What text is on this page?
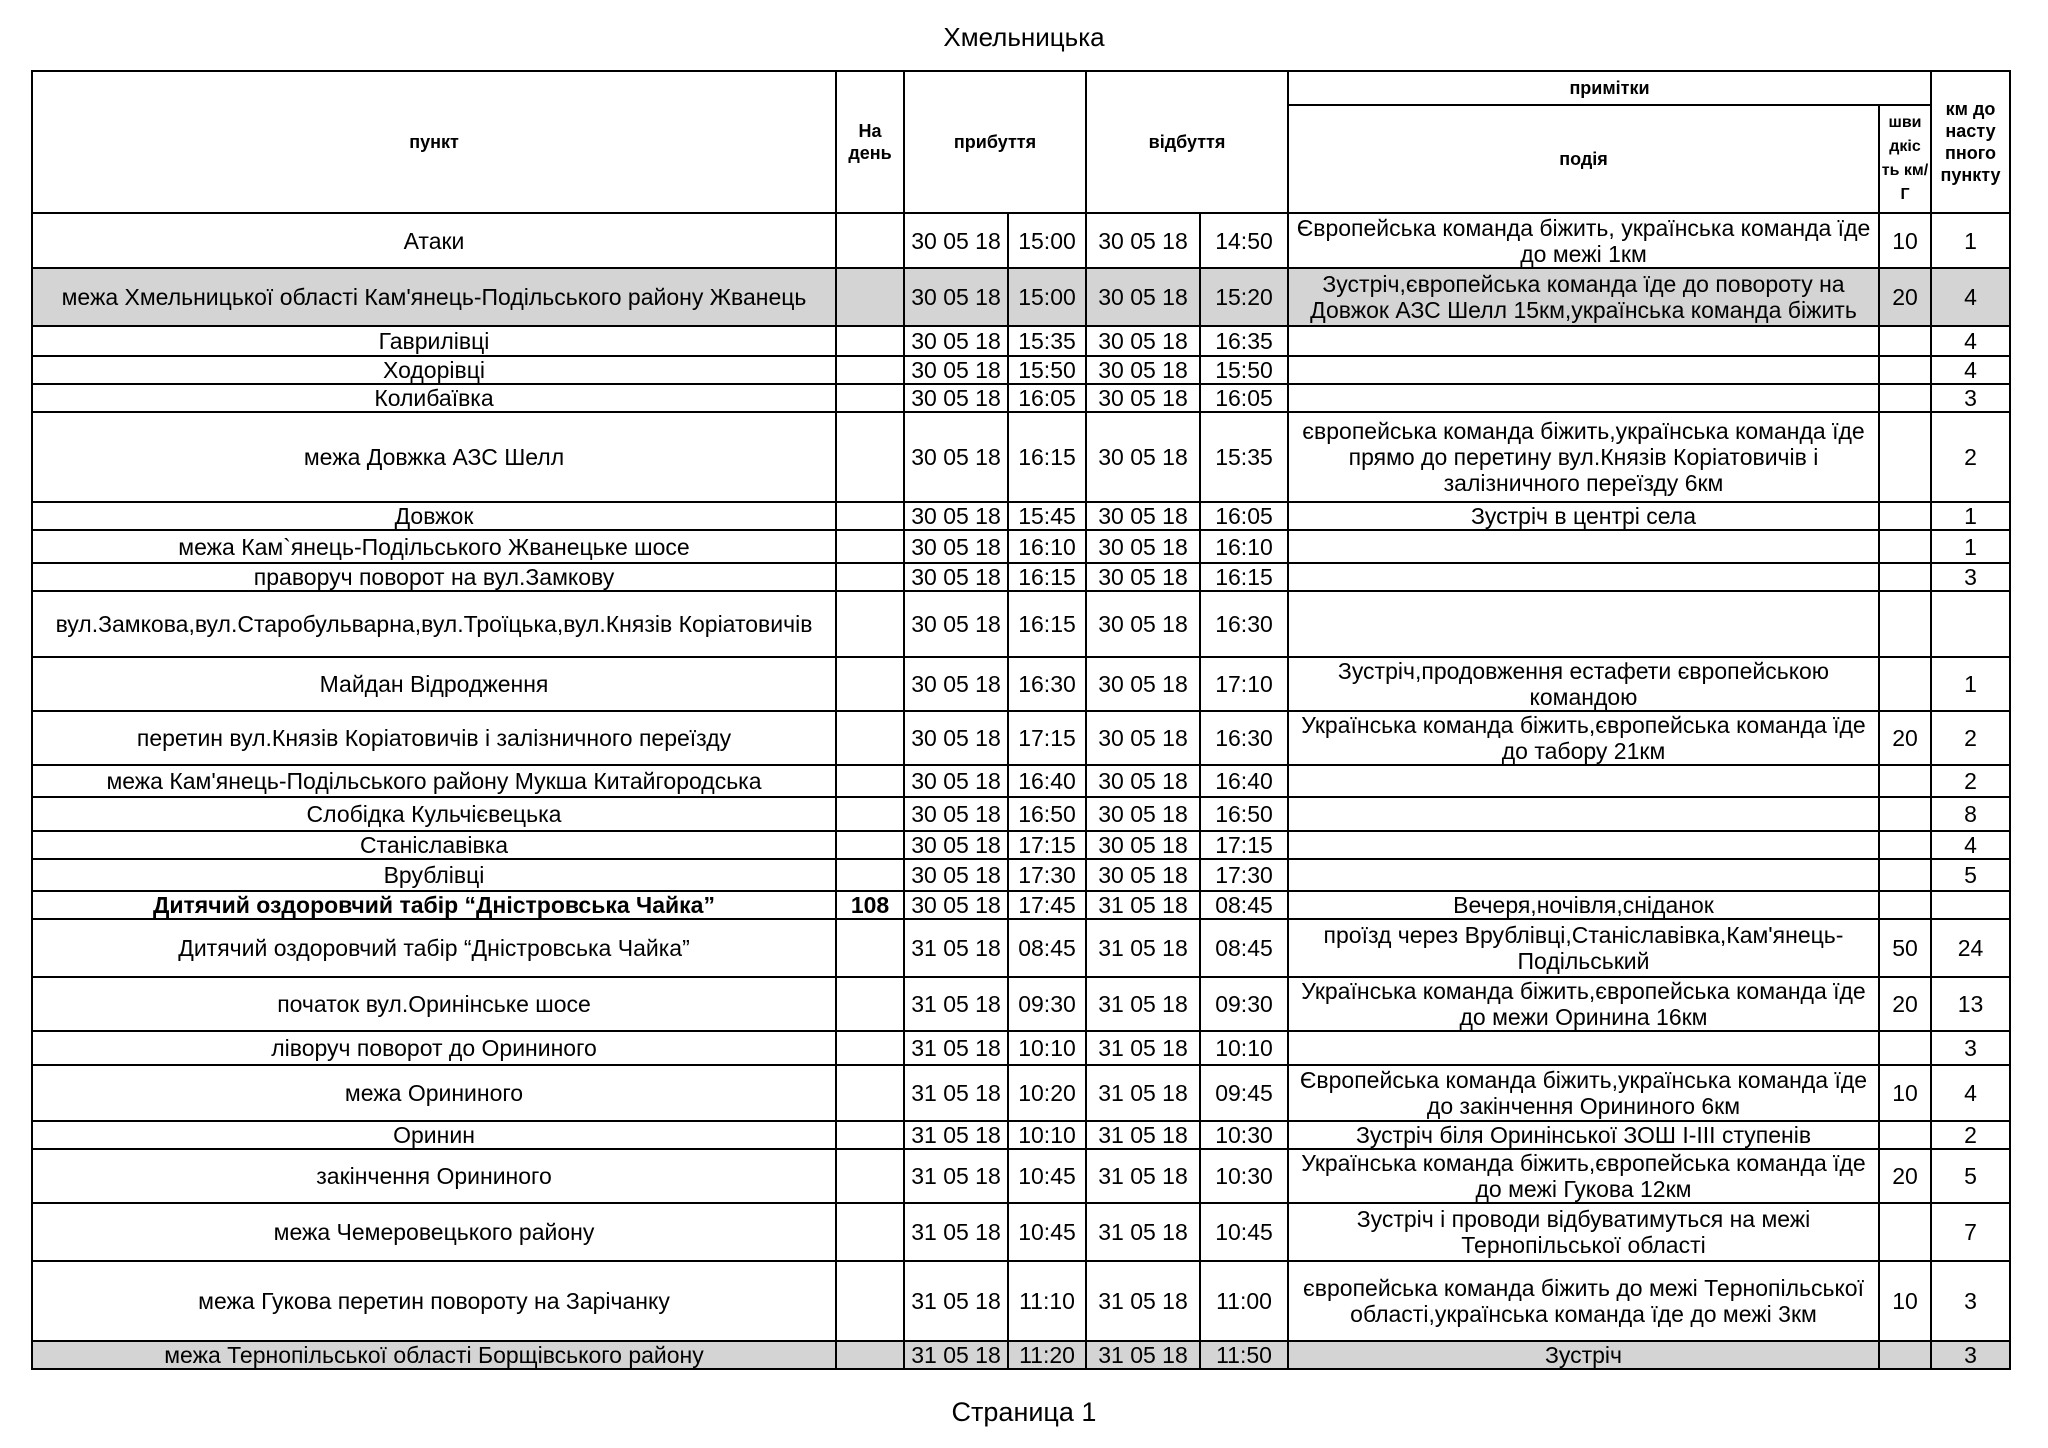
Хмельницька
пункт	На день	прибуття		відбуття		примітки		км до
насту пного
пункту
						подія	шви дкіс ть км/Г	
Атаки		30 05 18	15:00	30 05 18	14:50	Європейська команда біжить, українська команда їде до межі 1км	10	1
межа Хмельницької області Кам'янець-Подільського району Жванець		30 05 18	15:00	30 05 18	15:20	Зустріч,європейська команда їде до повороту на Довжок АЗС Шелл 15км,українська команда біжить	20	4
Гаврилівці		30 05 18	15:35	30 05 18	16:35			4
Ходорівці		30 05 18	15:50	30 05 18	15:50			4
Колибаївка		30 05 18	16:05	30 05 18	16:05			3
межа Довжка АЗС Шелл		30 05 18	16:15	30 05 18	15:35	європейська команда біжить,українська команда їде прямо до перетину вул.Князів Коріатовичів і залізничного переїзду 6км		2
Довжок		30 05 18	15:45	30 05 18	16:05	Зустріч в центрі села		1
межа Кам`янець-Подільського Жванецьке шосе		30 05 18	16:10	30 05 18	16:10			1
праворуч поворот на вул.Замкову		30 05 18	16:15	30 05 18	16:15			3
вул.Замкова,вул.Старобульварна,вул.Троїцька,вул.Князів Коріатовичів		30 05 18	16:15	30 05 18	16:30			
Майдан Відродження		30 05 18	16:30	30 05 18	17:10	Зустріч,продовження естафети європейською командою		1
перетин вул.Князів Коріатовичів і залізничного переїзду		30 05 18	17:15	30 05 18	16:30	Українська команда біжить,європейська команда їде до табору 21км	20	2
межа Кам'янець-Подільського району Мукша Китайгородська		30 05 18	16:40	30 05 18	16:40			2
Слобідка Кульчієвецька		30 05 18	16:50	30 05 18	16:50			8
Станіславівка		30 05 18	17:15	30 05 18	17:15			4
Врублівці		30 05 18	17:30	30 05 18	17:30			5
Дитячий оздоровчий табір “Дністровська Чайка”	108	30 05 18	17:45	31 05 18	08:45	Вечеря,ночівля,сніданок		
Дитячий оздоровчий табір “Дністровська Чайка”		31 05 18	08:45	31 05 18	08:45	проїзд через Врублівці,Станіславівка,Кам'янець-Подільський	50	24
початок вул.Оринінське шосе		31 05 18	09:30	31 05 18	09:30	Українська команда біжить,європейська команда їде до межи Оринина 16км	20	13
ліворуч поворот до Орининого		31 05 18	10:10	31 05 18	10:10			3
межа Орининого		31 05 18	10:20	31 05 18	09:45	Європейська команда біжить,українська команда їде до закінчення Орининого 6км	10	4
Оринин		31 05 18	10:10	31 05 18	10:30	Зустріч біля Оринінської ЗОШ І-ІІІ ступенів		2
закінчення Орининого		31 05 18	10:45	31 05 18	10:30	Українська команда біжить,європейська команда їде до межі Гукова 12км	20	5
межа Чемеровецького району		31 05 18	10:45	31 05 18	10:45	Зустріч і проводи відбуватимуться на межі Тернопільської області		7
межа Гукова перетин повороту на Зарічанку		31 05 18	11:10	31 05 18	11:00	європейська команда біжить до межі Тернопільської області,українська команда їде до межі 3км	10	3
межа Тернопільської області Борщівського району		31 05 18	11:20	31 05 18	11:50	Зустріч		3
Страница 1
